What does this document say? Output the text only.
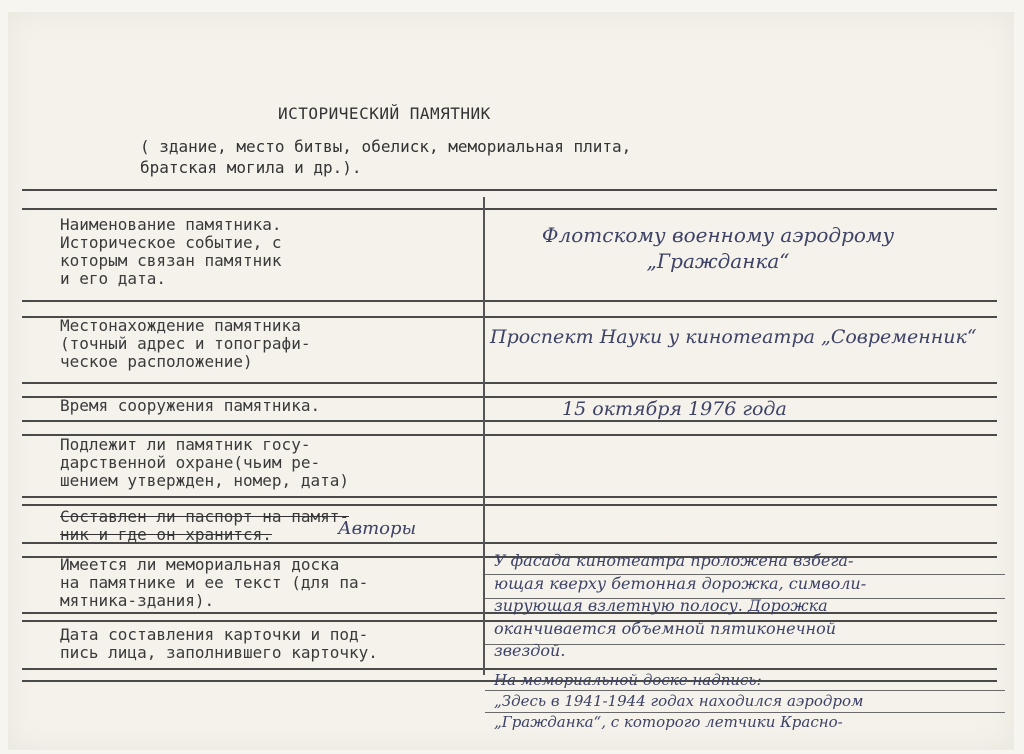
ИСТОРИЧЕСКИЙ ПАМЯТНИК
( здание, место битвы, обелиск, мемориальная плита,
братская могила и др.).
Наименование памятника.
Историческое событие, с
которым связан памятник
и его дата.
Местонахождение памятника
(точный адрес и топографи-
ческое расположение)
Время сооружения памятника.
Подлежит ли памятник госу-
дарственной охране(чьим ре-
шением утвержден, номер, дата)
Составлен ли паспорт на памят-
ник и где он хранится.
Имеется ли мемориальная доска
на памятнике и ее текст (для па-
мятника-здания).
Дата составления карточки и под-
пись лица, заполнившего карточку.
Флотскому военному аэродрому
„Гражданка“
Проспект Науки у кинотеатра „Современник“
15 октября 1976 года
Авторы
У фасада кинотеатра проложена взбега-
ющая кверху бетонная дорожка, символи-
зирующая взлетную полосу. Дорожка
оканчивается объемной пятиконечной
звездой.
На мемориальной доске надпись:
„Здесь в 1941-1944 годах находился аэродром
„Гражданка“, с которого летчики Красно-
